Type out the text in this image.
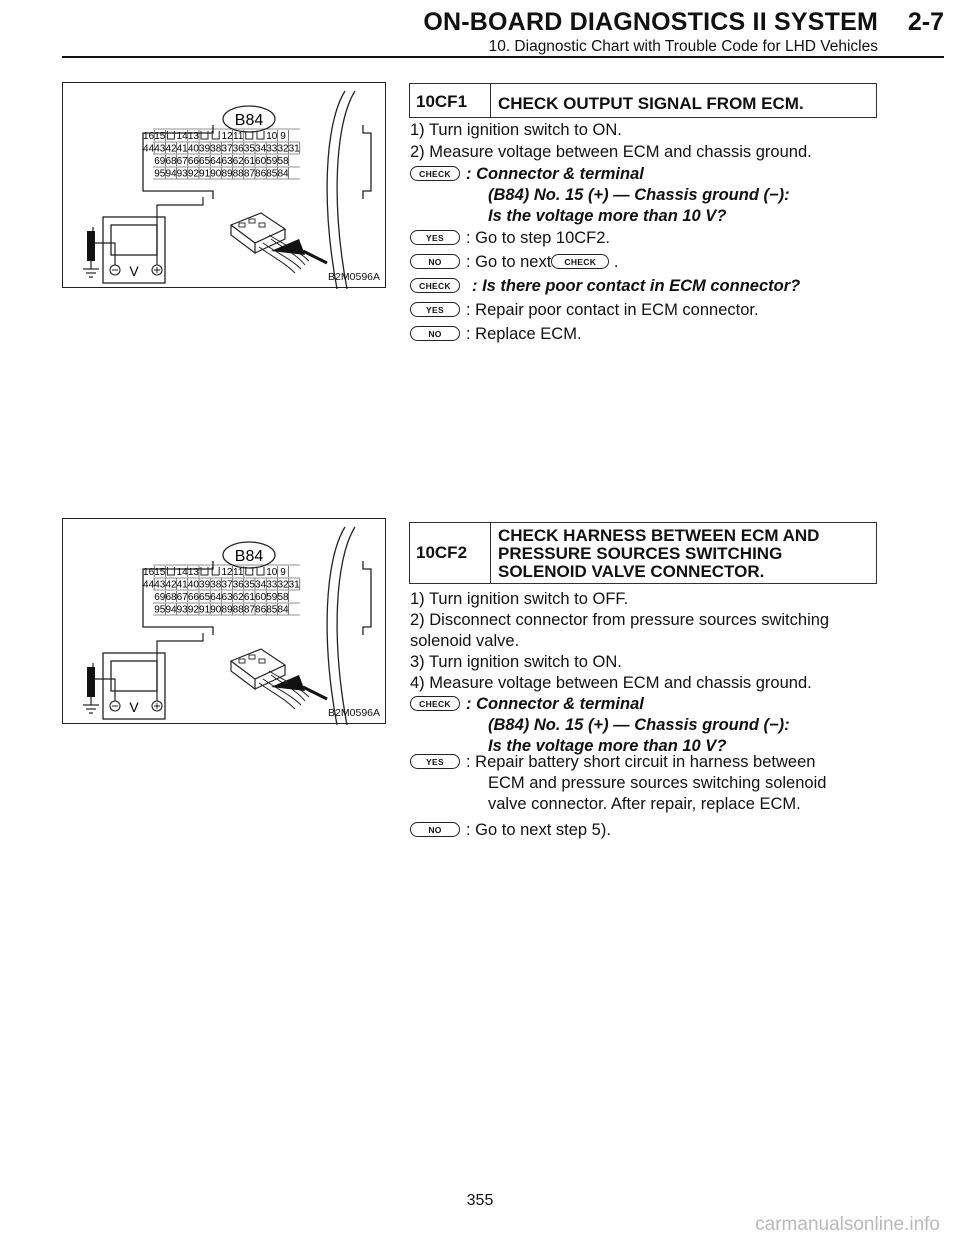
ON-BOARD DIAGNOSTICS II SYSTEM 2-7
10. Diagnostic Chart with Trouble Code for LHD Vehicles
B84
16 15 14 13 12 11 10 9
44 43 42 41 40 39 38 37 36 35 34 33 32 31
69 68 67 66 65 64 63 62 61 60 59 58
95 94 93 92 91 90 89 88 87 86 85 84
V	B2M0596A
10CF1	CHECK OUTPUT SIGNAL FROM ECM.
1) Turn ignition switch to ON.
2) Measure voltage between ECM and chassis ground.
CHECK : Connector & terminal
(B84) No. 15 (+) — Chassis ground (−):
Is the voltage more than 10 V?
YES	: Go to step 10CF2.
NO	: Go to next CHECK .
CHECK	: Is there poor contact in ECM connector?
YES	: Repair poor contact in ECM connector.
NO	: Replace ECM.
B84
16 15 14 13 12 11 10 9
44 43 42 41 40 39 38 37 36 35 34 33 32 31
69 68 67 66 65 64 63 62 61 60 59 58
95 94 93 92 91 90 89 88 87 86 85 84
V	B2M0596A
10CF2
CHECK HARNESS BETWEEN ECM AND
PRESSURE SOURCES SWITCHING
SOLENOID VALVE CONNECTOR.
1) Turn ignition switch to OFF.
2) Disconnect connector from pressure sources switching
solenoid valve.
3) Turn ignition switch to ON.
4) Measure voltage between ECM and chassis ground.
CHECK : Connector & terminal
(B84) No. 15 (+) — Chassis ground (−):
Is the voltage more than 10 V?
YES	: Repair battery short circuit in harness between
ECM and pressure sources switching solenoid
valve connector. After repair, replace ECM.
NO	: Go to next step 5).
355
carmanualsonline.info
